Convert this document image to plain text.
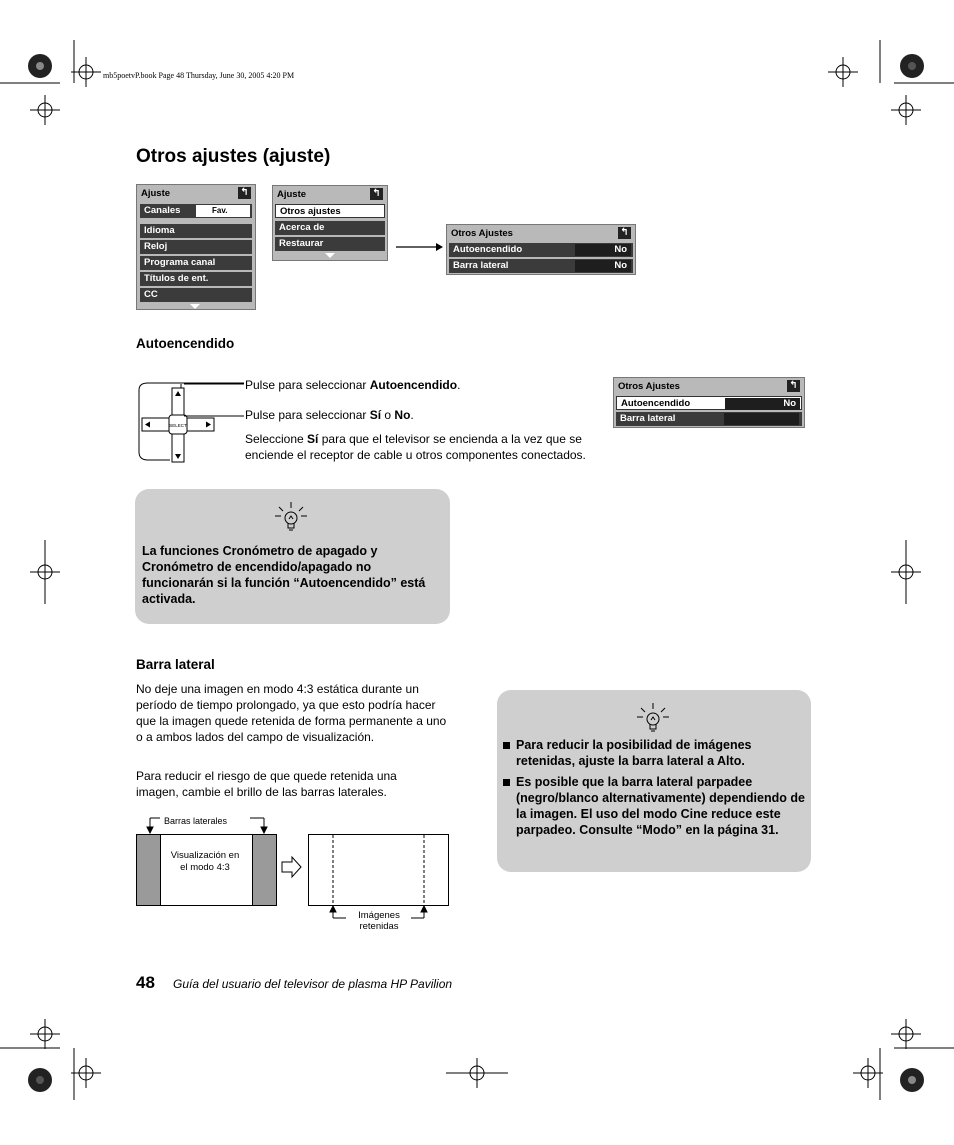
mb5poetvP.book Page 48 Thursday, June 30, 2005 4:20 PM
Otros ajustes (ajuste)
Ajuste	↰
Canales	Fav.
Idioma
Reloj
Programa canal
Títulos de ent.
CC
Ajuste	↰
Otros ajustes
Acerca de
Restaurar
Otros Ajustes	↰
Autoencendido	No
Barra lateral	No
Autoencendido
SELECT
Pulse para seleccionar Autoencendido.
Pulse para seleccionar Sí o No.
Seleccione Sí para que el televisor se encienda a la vez que se enciende el receptor de cable u otros componentes conectados.
Otros Ajustes	↰
Autoencendido	No
Barra lateral
La funciones Cronómetro de apagado y Cronómetro de encendido/apagado no funcionarán si la función “Autoencendido” está activada.
Barra lateral
No deje una imagen en modo 4:3 estática durante un período de tiempo prolongado, ya que esto podría hacer que la imagen quede retenida de forma permanente a uno o a ambos lados del campo de visualización.
Para reducir el riesgo de que quede retenida una imagen, cambie el brillo de las barras laterales.
Barras laterales
Visualización en el modo 4:3
Imágenes retenidas
Para reducir la posibilidad de imágenes retenidas, ajuste la barra lateral a Alto.
Es posible que la barra lateral parpadee (negro/blanco alternativamente) dependiendo de la imagen. El uso del modo Cine reduce este parpadeo. Consulte “Modo” en la página 31.
48 Guía del usuario del televisor de plasma HP Pavilion
